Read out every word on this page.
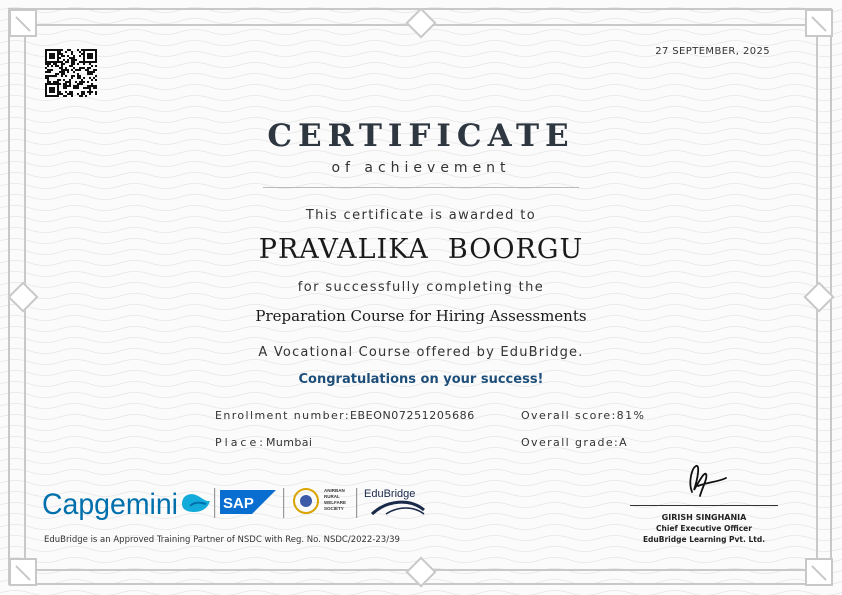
27 SEPTEMBER, 2025
CERTIFICATE
of achievement
This certificate is awarded to
PRAVALIKA  BOORGU
for successfully completing the
Preparation Course for Hiring Assessments
A Vocational Course offered by EduBridge.
Congratulations on your success!
Enrollment number:EBEON07251205686
Place:Mumbai
Overall score:81%
Overall grade:A
Capgemini	SAP
ANIRBAN
RURAL
WELFARE
SOCIETY
EduBridge
EduBridge is an Approved Training Partner of NSDC with Reg. No. NSDC/2022-23/39
GIRISH SINGHANIA
Chief Executive Officer
EduBridge Learning Pvt. Ltd.
